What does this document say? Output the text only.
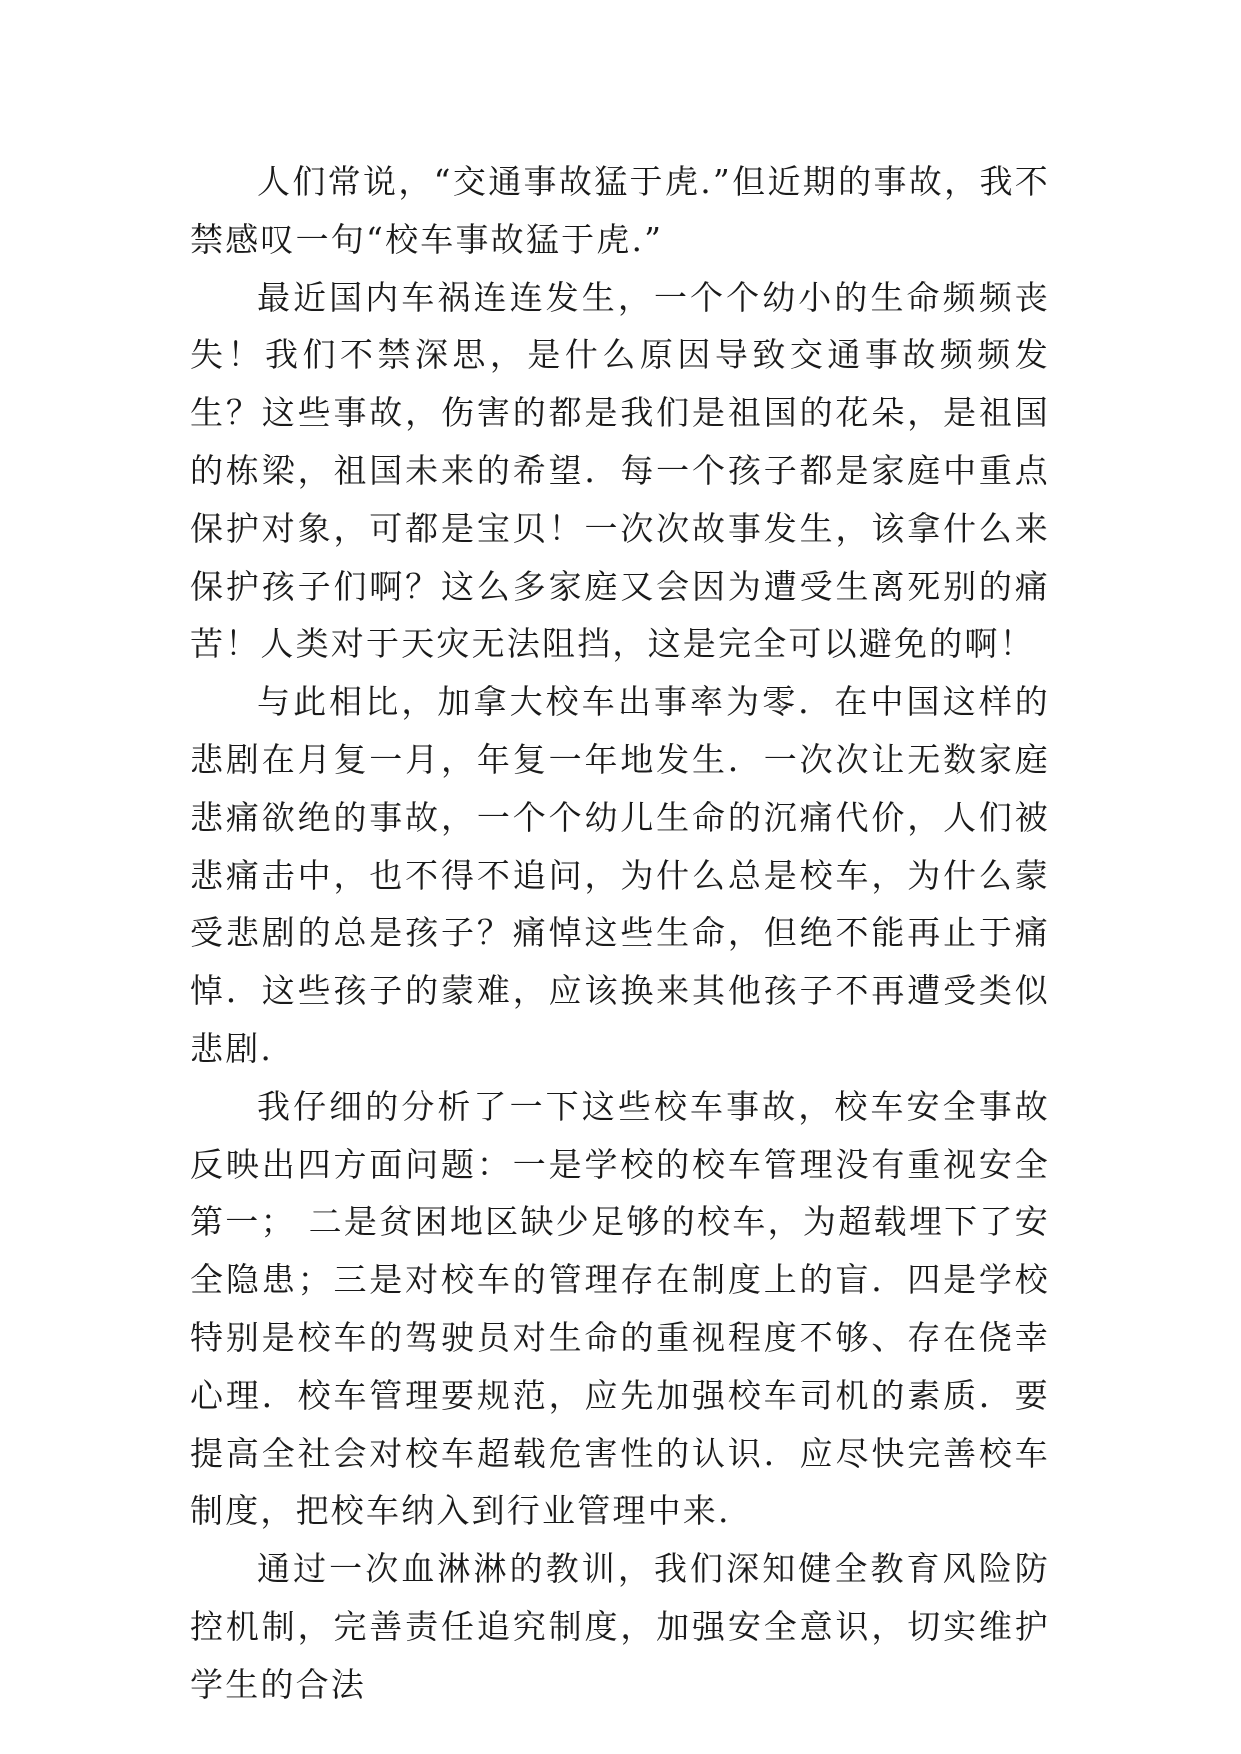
人们常说，“交通事故猛于虎.”但近期的事故，我不禁感叹一句“校车事故猛于虎.”

最近国内车祸连连发生，一个个幼小的生命频频丧失！我们不禁深思，是什么原因导致交通事故频频发生？这些事故，伤害的都是我们是祖国的花朵，是祖国的栋梁，祖国未来的希望．每一个孩子都是家庭中重点保护对象，可都是宝贝！一次次故事发生，该拿什么来保护孩子们啊？这么多家庭又会因为遭受生离死别的痛苦！人类对于天灾无法阻挡，这是完全可以避免的啊！

与此相比，加拿大校车出事率为零．在中国这样的悲剧在月复一月，年复一年地发生．一次次让无数家庭悲痛欲绝的事故，一个个幼儿生命的沉痛代价，人们被悲痛击中，也不得不追问，为什么总是校车，为什么蒙受悲剧的总是孩子？痛悼这些生命，但绝不能再止于痛悼．这些孩子的蒙难，应该换来其他孩子不再遭受类似悲剧.

我仔细的分析了一下这些校车事故，校车安全事故反映出四方面问题：一是学校的校车管理没有重视安全第一； 二是贫困地区缺少足够的校车，为超载埋下了安全隐患；三是对校车的管理存在制度上的盲．四是学校特别是校车的驾驶员对生命的重视程度不够、存在侥幸心理．校车管理要规范，应先加强校车司机的素质．要提高全社会对校车超载危害性的认识．应尽快完善校车制度，把校车纳入到行业管理中来.

通过一次血淋淋的教训，我们深知健全教育风险防控机制，完善责任追究制度，加强安全意识，切实维护学生的合法
